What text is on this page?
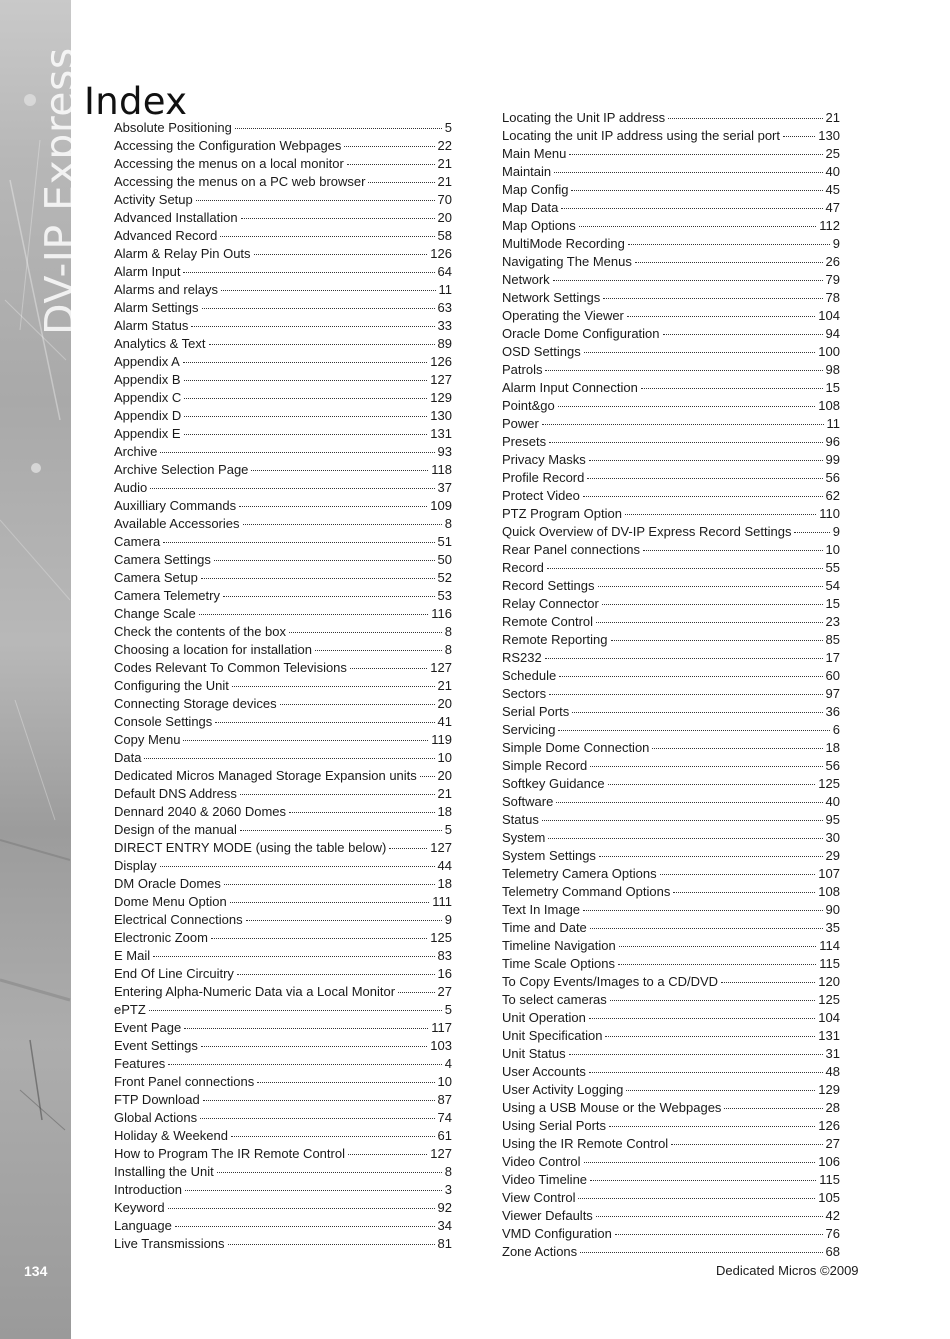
DV-IP Express
134
Index
Absolute Positioning	5
Accessing the Configuration Webpages	22
Accessing the menus on a local monitor	21
Accessing the menus on a PC web browser	21
Activity Setup	70
Advanced Installation	20
Advanced Record	58
Alarm & Relay Pin Outs	126
Alarm Input	64
Alarms and relays	11
Alarm Settings	63
Alarm Status	33
Analytics & Text	89
Appendix A	126
Appendix B	127
Appendix C	129
Appendix D	130
Appendix E	131
Archive	93
Archive Selection Page	118
Audio	37
Auxilliary Commands	109
Available Accessories	8
Camera	51
Camera Settings	50
Camera Setup	52
Camera Telemetry	53
Change Scale	116
Check the contents of the box	8
Choosing a location for installation	8
Codes Relevant To Common Televisions	127
Configuring the Unit	21
Connecting Storage devices	20
Console Settings	41
Copy Menu	119
Data	10
Dedicated Micros Managed Storage Expansion units 20
Default DNS Address	21
Dennard 2040 & 2060 Domes	18
Design of the manual	5
DIRECT ENTRY MODE (using the table below)	127
Display	44
DM Oracle Domes	18
Dome Menu Option	111
Electrical Connections	9
Electronic Zoom	125
E Mail	83
End Of Line Circuitry	16
Entering Alpha-Numeric Data via a Local Monitor	27
ePTZ	5
Event Page	117
Event Settings	103
Features	4
Front Panel connections	10
FTP Download	87
Global Actions	74
Holiday & Weekend	61
How to Program The IR Remote Control	127
Installing the Unit	8
Introduction	3
Keyword	92
Language	34
Live Transmissions	81
Locating the Unit IP address	21
Locating the unit IP address using the serial port	130
Main Menu	25
Maintain	40
Map Config	45
Map Data	47
Map Options	112
MultiMode Recording	9
Navigating The Menus	26
Network	79
Network Settings	78
Operating the Viewer	104
Oracle Dome Configuration	94
OSD Settings	100
Patrols	98
Alarm Input Connection	15
Point&go	108
Power	11
Presets	96
Privacy Masks	99
Profile Record	56
Protect Video	62
PTZ Program Option	110
Quick Overview of DV-IP Express Record Settings	9
Rear Panel connections	10
Record	55
Record Settings	54
Relay Connector	15
Remote Control	23
Remote Reporting	85
RS232	17
Schedule	60
Sectors	97
Serial Ports	36
Servicing	6
Simple Dome Connection	18
Simple Record	56
Softkey Guidance	125
Software	40
Status	95
System	30
System Settings	29
Telemetry Camera Options	107
Telemetry Command Options	108
Text In Image	90
Time and Date	35
Timeline Navigation	114
Time Scale Options	115
To Copy Events/Images to a CD/DVD	120
To select cameras	125
Unit Operation	104
Unit Specification	131
Unit Status	31
User Accounts	48
User Activity Logging	129
Using a USB Mouse or the Webpages	28
Using Serial Ports	126
Using the IR Remote Control	27
Video Control	106
Video Timeline	115
View Control	105
Viewer Defaults	42
VMD Configuration	76
Zone Actions	68
Dedicated Micros ©2009
